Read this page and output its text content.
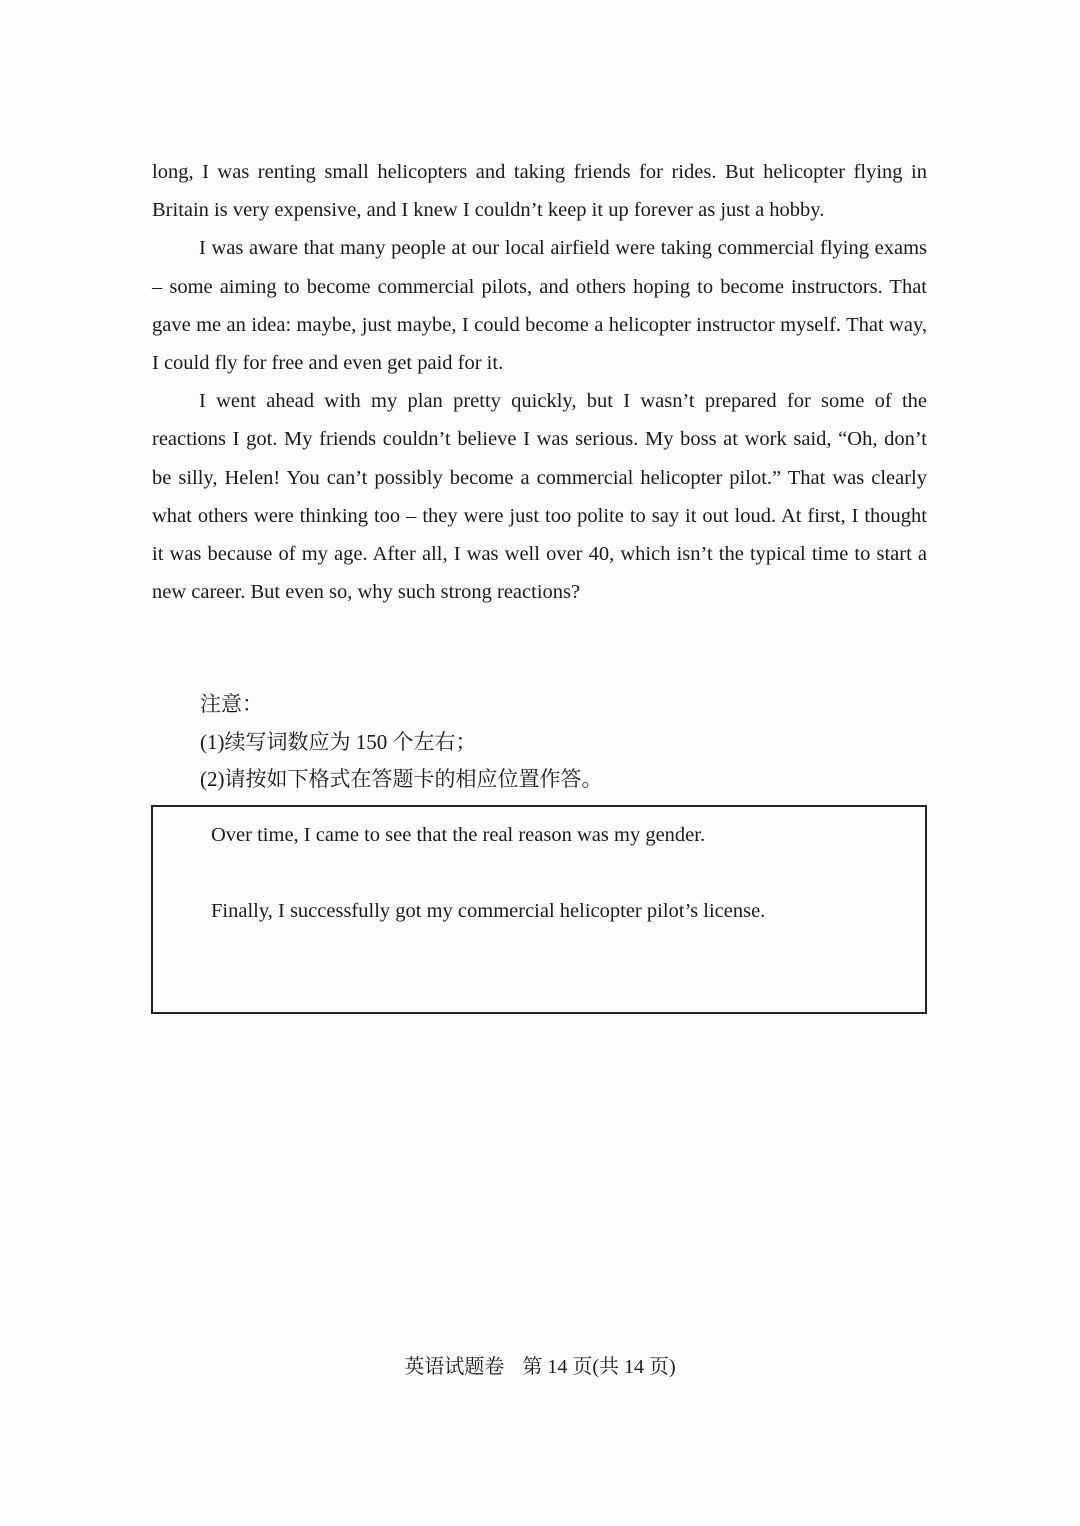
long, I was renting small helicopters and taking friends for rides. But helicopter flying in Britain is very expensive, and I knew I couldn’t keep it up forever as just a hobby.

I was aware that many people at our local airfield were taking commercial flying exams – some aiming to become commercial pilots, and others hoping to become instructors. That gave me an idea: maybe, just maybe, I could become a helicopter instructor myself. That way, I could fly for free and even get paid for it.

I went ahead with my plan pretty quickly, but I wasn’t prepared for some of the reactions I got. My friends couldn’t believe I was serious. My boss at work said, “Oh, don’t be silly, Helen! You can’t possibly become a commercial helicopter pilot.” That was clearly what others were thinking too – they were just too polite to say it out loud. At first, I thought it was because of my age. After all, I was well over 40, which isn’t the typical time to start a new career. But even so, why such strong reactions?

注意：
(1)续写词数应为 150 个左右；
(2)请按如下格式在答题卡的相应位置作答。
Over time, I came to see that the real reason was my gender.
Finally, I successfully got my commercial helicopter pilot’s license.
英语试题卷 第 14 页(共 14 页)
